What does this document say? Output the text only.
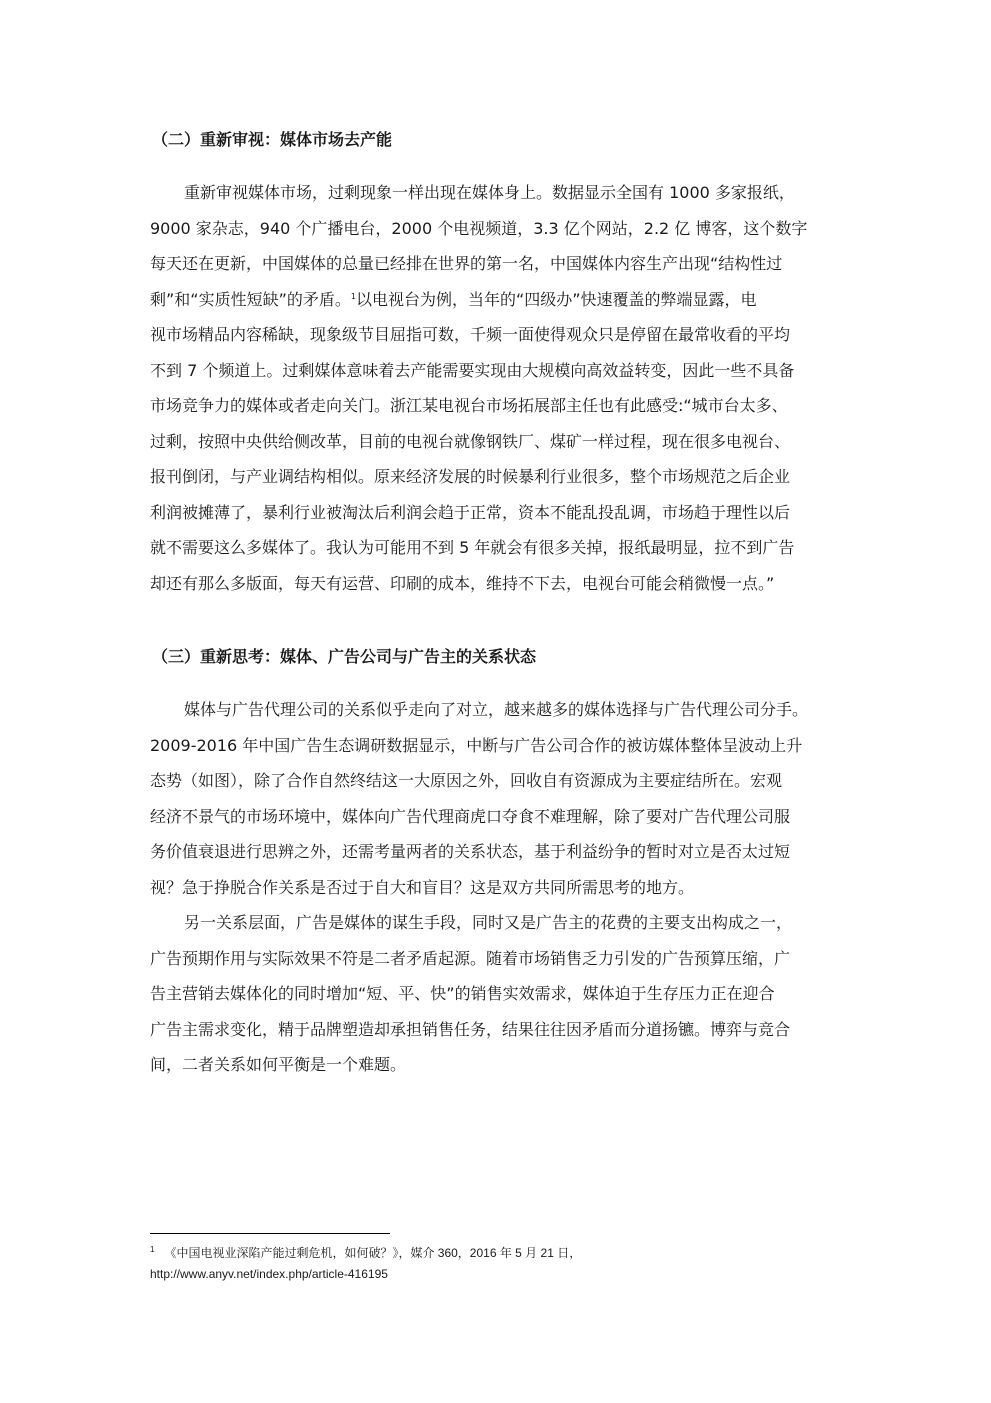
（二）重新审视：媒体市场去产能
重新审视媒体市场，过剩现象一样出现在媒体身上。数据显示全国有 1000 多家报纸，
9000 家杂志，940 个广播电台，2000 个电视频道，3.3 亿个网站，2.2 亿 博客，这个数字
每天还在更新，中国媒体的总量已经排在世界的第一名，中国媒体内容生产出现“结构性过
剩”和“实质性短缺”的矛盾。$^1$以电视台为例，当年的“四级办”快速覆盖的弊端显露，电
视市场精品内容稀缺，现象级节目屈指可数，千频一面使得观众只是停留在最常收看的平均
不到 7 个频道上。过剩媒体意味着去产能需要实现由大规模向高效益转变，因此一些不具备
市场竞争力的媒体或者走向关门。浙江某电视台市场拓展部主任也有此感受:“城市台太多、
过剩，按照中央供给侧改革，目前的电视台就像钢铁厂、煤矿一样过程，现在很多电视台、
报刊倒闭，与产业调结构相似。原来经济发展的时候暴利行业很多，整个市场规范之后企业
利润被摊薄了，暴利行业被淘汰后利润会趋于正常，资本不能乱投乱调，市场趋于理性以后
就不需要这么多媒体了。我认为可能用不到 5 年就会有很多关掉，报纸最明显，拉不到广告
却还有那么多版面，每天有运营、印刷的成本，维持不下去，电视台可能会稍微慢一点。”
（三）重新思考：媒体、广告公司与广告主的关系状态
媒体与广告代理公司的关系似乎走向了对立，越来越多的媒体选择与广告代理公司分手。
2009-2016 年中国广告生态调研数据显示，中断与广告公司合作的被访媒体整体呈波动上升
态势（如图），除了合作自然终结这一大原因之外，回收自有资源成为主要症结所在。宏观
经济不景气的市场环境中，媒体向广告代理商虎口夺食不难理解，除了要对广告代理公司服
务价值衰退进行思辨之外，还需考量两者的关系状态，基于利益纷争的暂时对立是否太过短
视？急于挣脱合作关系是否过于自大和盲目？这是双方共同所需思考的地方。
另一关系层面，广告是媒体的谋生手段，同时又是广告主的花费的主要支出构成之一，
广告预期作用与实际效果不符是二者矛盾起源。随着市场销售乏力引发的广告预算压缩，广
告主营销去媒体化的同时增加“短、平、快”的销售实效需求，媒体迫于生存压力正在迎合
广告主需求变化，精于品牌塑造却承担销售任务，结果往往因矛盾而分道扬镳。博弈与竞合
间，二者关系如何平衡是一个难题。
$^1$ 《中国电视业深陷产能过剩危机，如何破？》，媒介 360，2016 年 5 月 21 日，
http://www.anyv.net/index.php/article-416195
